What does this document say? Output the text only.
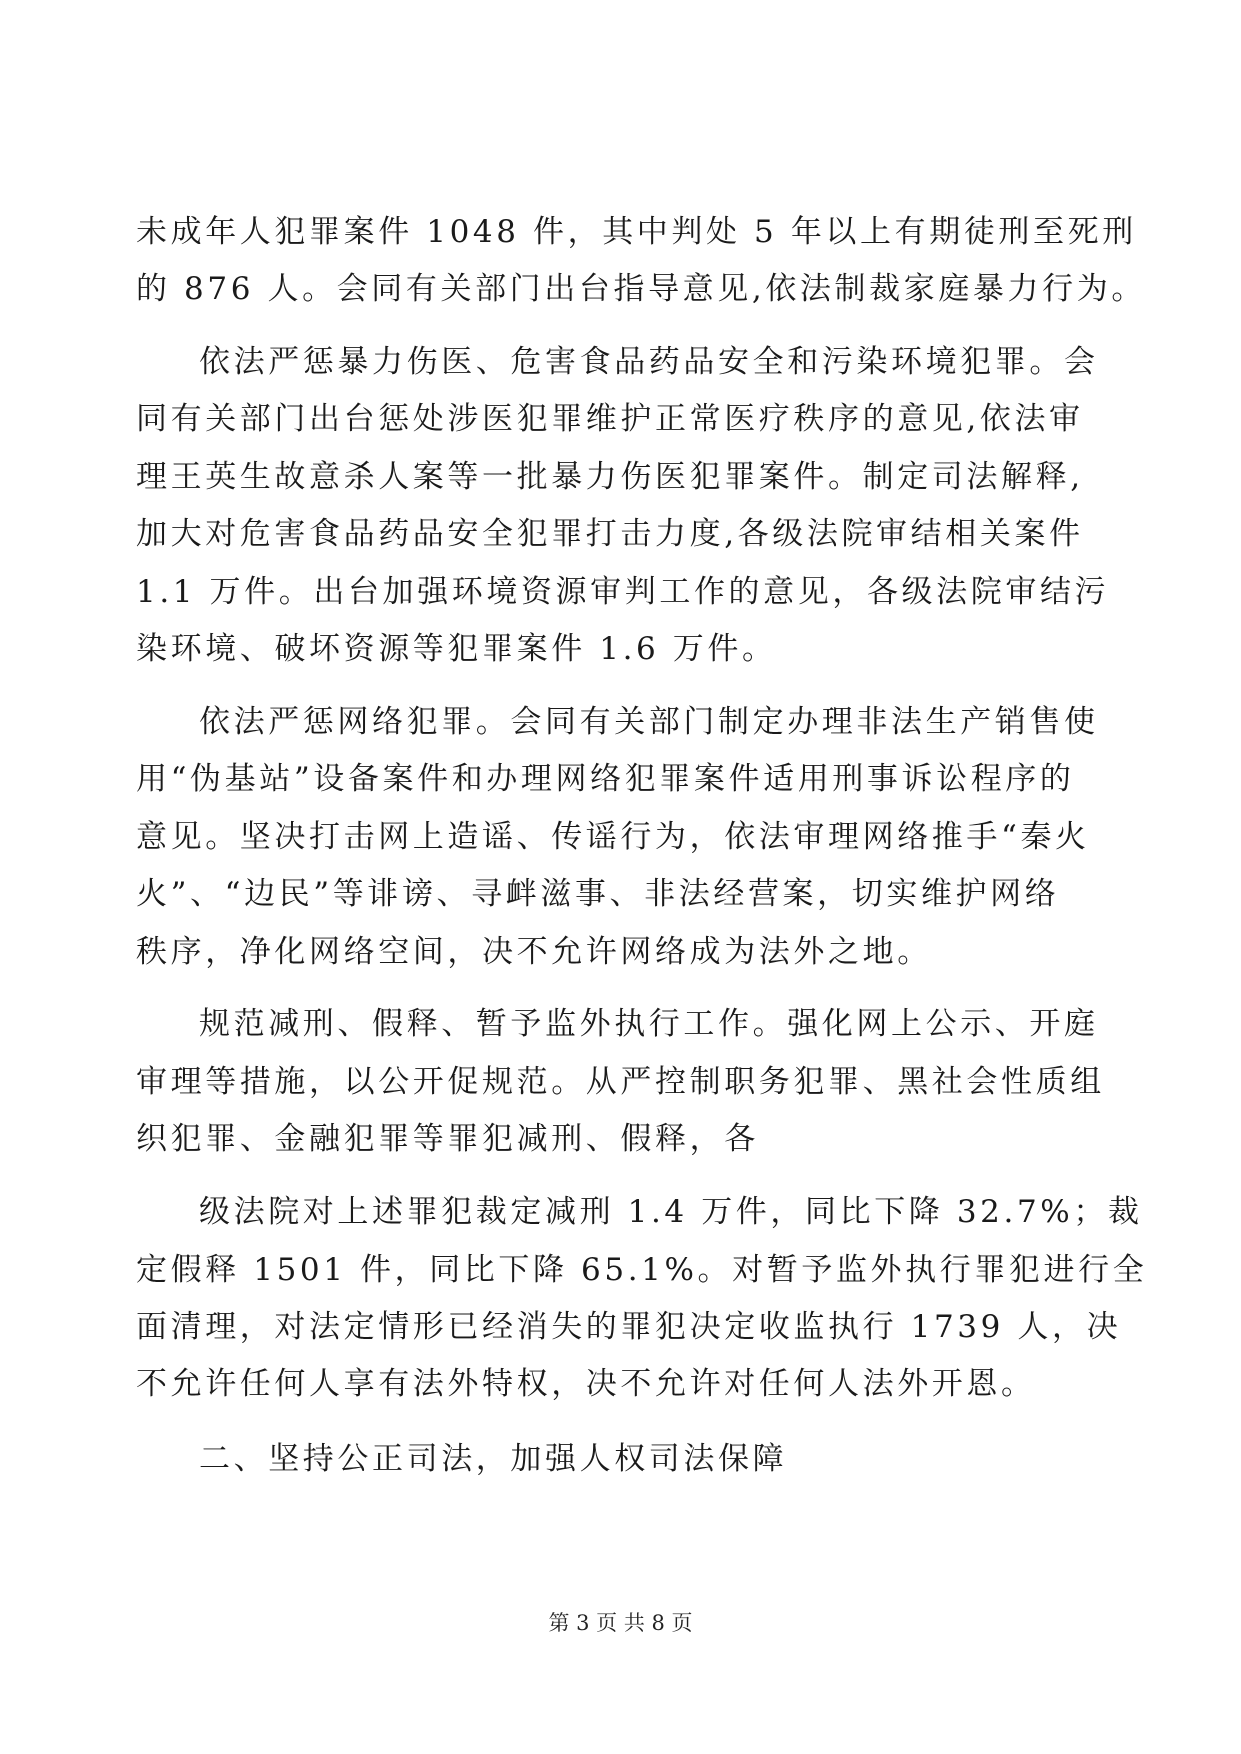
未成年人犯罪案件 1048 件，其中判处 5 年以上有期徒刑至死刑
的 876 人。会同有关部门出台指导意见,依法制裁家庭暴力行为。
依法严惩暴力伤医、危害食品药品安全和污染环境犯罪。会
同有关部门出台惩处涉医犯罪维护正常医疗秩序的意见,依法审
理王英生故意杀人案等一批暴力伤医犯罪案件。制定司法解释,
加大对危害食品药品安全犯罪打击力度,各级法院审结相关案件
1.1 万件。出台加强环境资源审判工作的意见，各级法院审结污
染环境、破坏资源等犯罪案件 1.6 万件。
依法严惩网络犯罪。会同有关部门制定办理非法生产销售使
用“伪基站”设备案件和办理网络犯罪案件适用刑事诉讼程序的
意见。坚决打击网上造谣、传谣行为，依法审理网络推手“秦火
火”、“边民”等诽谤、寻衅滋事、非法经营案，切实维护网络
秩序，净化网络空间，决不允许网络成为法外之地。
规范减刑、假释、暂予监外执行工作。强化网上公示、开庭
审理等措施，以公开促规范。从严控制职务犯罪、黑社会性质组
织犯罪、金融犯罪等罪犯减刑、假释，各
级法院对上述罪犯裁定减刑 1.4 万件，同比下降 32.7%；裁
定假释 1501 件，同比下降 65.1%。对暂予监外执行罪犯进行全
面清理，对法定情形已经消失的罪犯决定收监执行 1739 人，决
不允许任何人享有法外特权，决不允许对任何人法外开恩。
二、坚持公正司法，加强人权司法保障
第 3 页 共 8 页
